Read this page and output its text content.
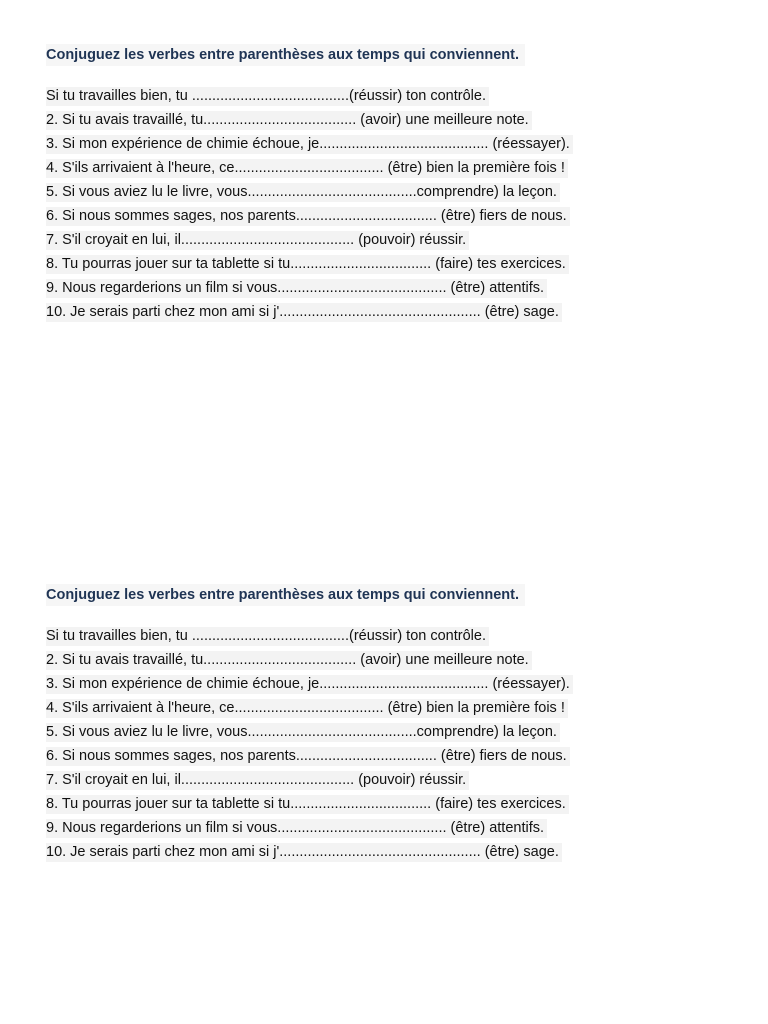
Conjuguez les verbes entre parenthèses aux temps qui conviennent.
Si tu travailles bien, tu .......................................(réussir) ton contrôle.
2. Si tu avais travaillé, tu...................................... (avoir) une meilleure note.
3. Si mon expérience de chimie échoue, je.......................................... (réessayer).
4. S'ils arrivaient à l'heure, ce..................................... (être) bien la première fois !
5. Si vous aviez lu le livre, vous..........................................comprendre) la leçon.
6. Si nous sommes sages, nos parents................................... (être) fiers de nous.
7. S'il croyait en lui, il........................................... (pouvoir) réussir.
8. Tu pourras jouer sur ta tablette si tu................................... (faire) tes exercices.
9. Nous regarderions un film si vous.......................................... (être) attentifs.
10. Je serais parti chez mon ami si j'.................................................. (être) sage.
Conjuguez les verbes entre parenthèses aux temps qui conviennent.
Si tu travailles bien, tu .......................................(réussir) ton contrôle.
2. Si tu avais travaillé, tu...................................... (avoir) une meilleure note.
3. Si mon expérience de chimie échoue, je.......................................... (réessayer).
4. S'ils arrivaient à l'heure, ce..................................... (être) bien la première fois !
5. Si vous aviez lu le livre, vous..........................................comprendre) la leçon.
6. Si nous sommes sages, nos parents................................... (être) fiers de nous.
7. S'il croyait en lui, il........................................... (pouvoir) réussir.
8. Tu pourras jouer sur ta tablette si tu................................... (faire) tes exercices.
9. Nous regarderions un film si vous.......................................... (être) attentifs.
10. Je serais parti chez mon ami si j'.................................................. (être) sage.
